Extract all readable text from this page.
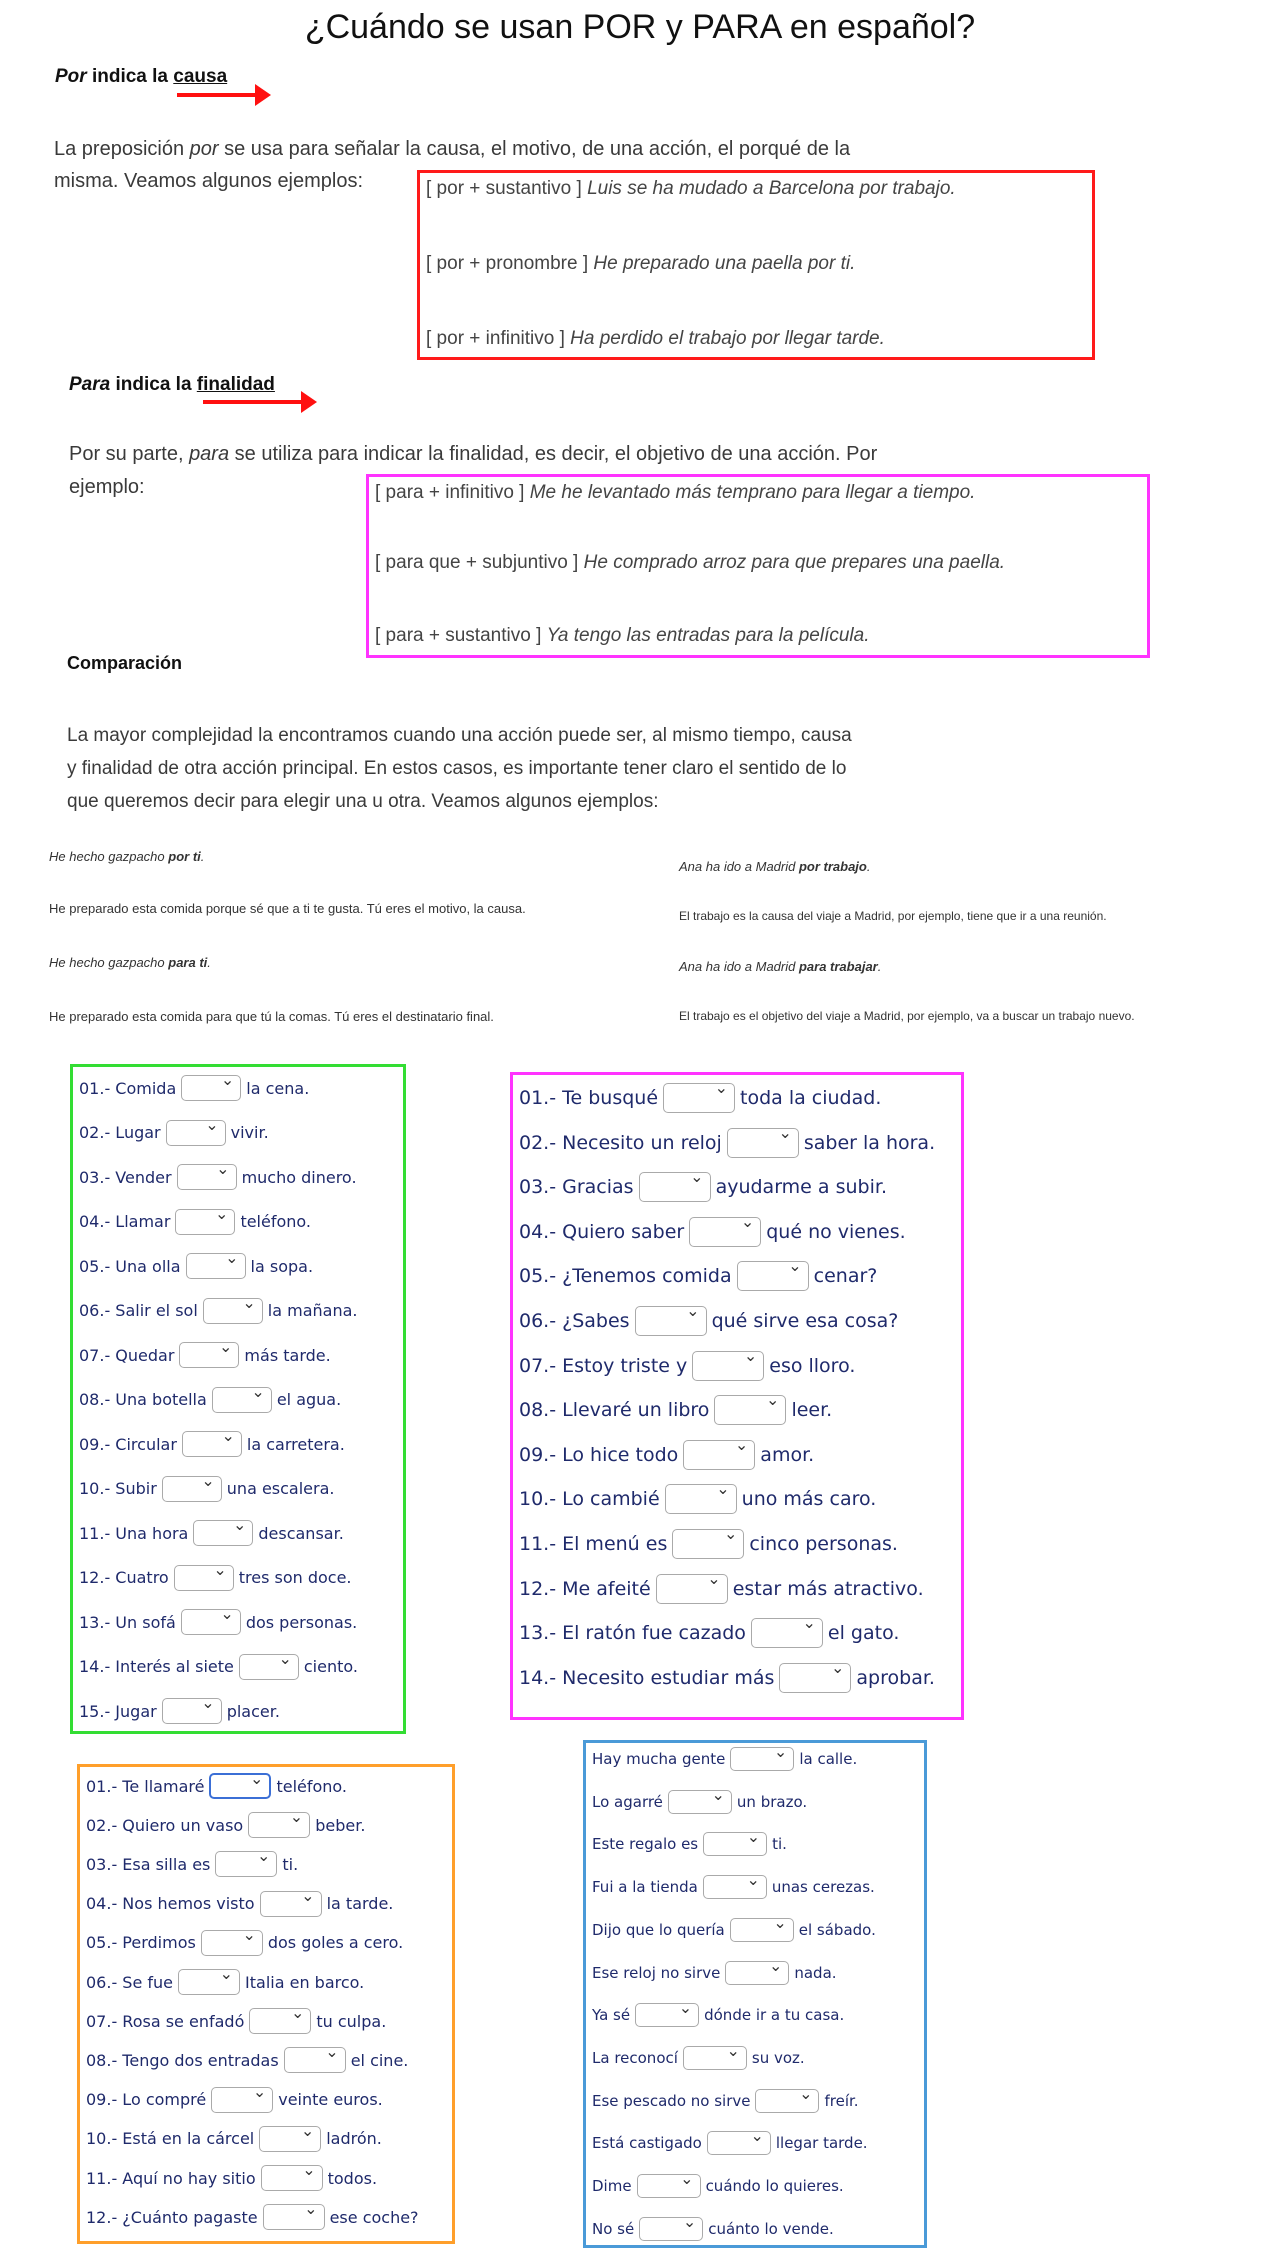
¿Cuándo se usan POR y PARA en español?
Por indica la causa
La preposición por se usa para señalar la causa, el motivo, de una acción, el porqué de la
misma. Veamos algunos ejemplos:	[ por + sustantivo ] Luis se ha mudado a Barcelona por trabajo.
[ por + pronombre ] He preparado una paella por ti.
[ por + infinitivo ] Ha perdido el trabajo por llegar tarde.
Para indica la finalidad
Por su parte, para se utiliza para indicar la finalidad, es decir, el objetivo de una acción. Por
ejemplo:	[ para + infinitivo ] Me he levantado más temprano para llegar a tiempo.
[ para que + subjuntivo ] He comprado arroz para que prepares una paella.
[ para + sustantivo ] Ya tengo las entradas para la película.
Comparación
La mayor complejidad la encontramos cuando una acción puede ser, al mismo tiempo, causa
y finalidad de otra acción principal. En estos casos, es importante tener claro el sentido de lo
que queremos decir para elegir una u otra. Veamos algunos ejemplos:
He hecho gazpacho por ti.
He preparado esta comida porque sé que a ti te gusta. Tú eres el motivo, la causa.
He hecho gazpacho para ti.
He preparado esta comida para que tú la comas. Tú eres el destinatario final.
Ana ha ido a Madrid por trabajo.
El trabajo es la causa del viaje a Madrid, por ejemplo, tiene que ir a una reunión.
Ana ha ido a Madrid para trabajar.
El trabajo es el objetivo del viaje a Madrid, por ejemplo, va a buscar un trabajo nuevo.
01.- Comida ⌄	la cena.
02.- Lugar ⌄	vivir.
03.- Vender ⌄	mucho dinero.
04.- Llamar ⌄	teléfono.
05.- Una olla ⌄	la sopa.
06.- Salir el sol ⌄	la mañana.
07.- Quedar ⌄	más tarde.
08.- Una botella ⌄	el agua.
09.- Circular ⌄	la carretera.
10.- Subir ⌄	una escalera.
11.- Una hora ⌄	descansar.
12.- Cuatro ⌄	tres son doce.
13.- Un sofá ⌄	dos personas.
14.- Interés al siete ⌄	ciento.
15.- Jugar ⌄	placer.
01.- Te busqué ⌄	toda la ciudad.
02.- Necesito un reloj ⌄	saber la hora.
03.- Gracias ⌄	ayudarme a subir.
04.- Quiero saber ⌄	qué no vienes.
05.- ¿Tenemos comida ⌄	cenar?
06.- ¿Sabes ⌄	qué sirve esa cosa?
07.- Estoy triste y ⌄	eso lloro.
08.- Llevaré un libro ⌄	leer.
09.- Lo hice todo ⌄	amor.
10.- Lo cambié ⌄	uno más caro.
11.- El menú es ⌄	cinco personas.
12.- Me afeité ⌄	estar más atractivo.
13.- El ratón fue cazado ⌄	el gato.
14.- Necesito estudiar más ⌄	aprobar.
01.- Te llamaré ⌄	teléfono.
02.- Quiero un vaso ⌄	beber.
03.- Esa silla es ⌄	ti.
04.- Nos hemos visto ⌄	la tarde.
05.- Perdimos ⌄	dos goles a cero.
06.- Se fue ⌄	Italia en barco.
07.- Rosa se enfadó ⌄	tu culpa.
08.- Tengo dos entradas ⌄	el cine.
09.- Lo compré ⌄	veinte euros.
10.- Está en la cárcel ⌄	ladrón.
11.- Aquí no hay sitio ⌄	todos.
12.- ¿Cuánto pagaste ⌄	ese coche?
Hay mucha gente ⌄	la calle.
Lo agarré ⌄	un brazo.
Este regalo es ⌄	ti.
Fui a la tienda ⌄	unas cerezas.
Dijo que lo quería ⌄	el sábado.
Ese reloj no sirve ⌄	nada.
Ya sé ⌄	dónde ir a tu casa.
La reconocí ⌄	su voz.
Ese pescado no sirve ⌄	freír.
Está castigado ⌄	llegar tarde.
Dime ⌄	cuándo lo quieres.
No sé ⌄	cuánto lo vende.
